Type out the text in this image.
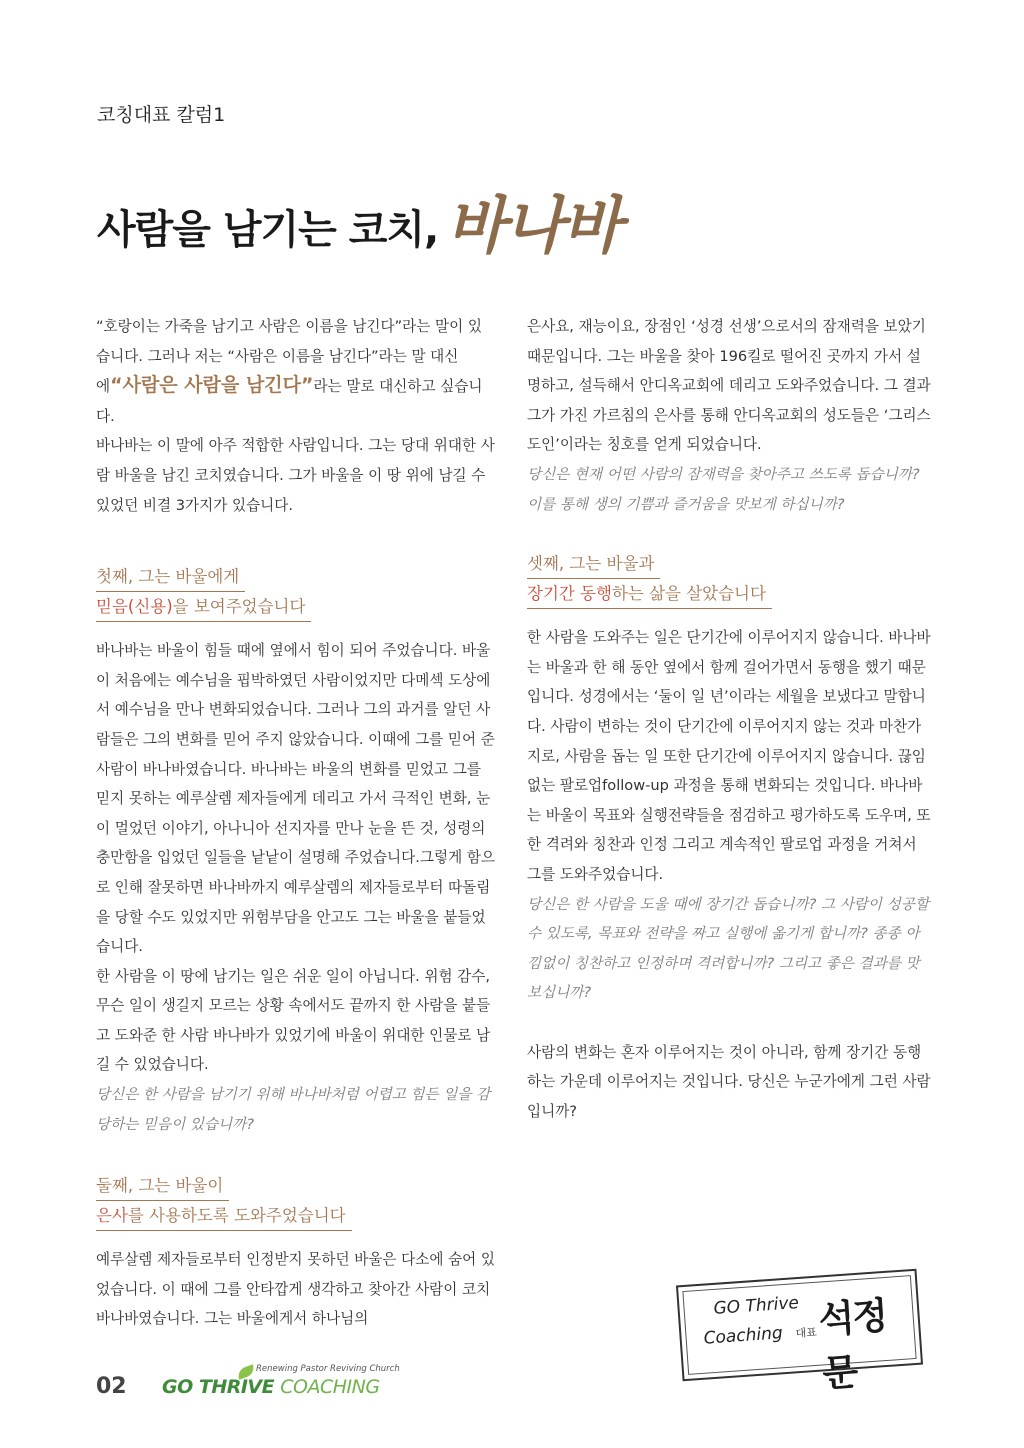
코칭대표 칼럼1
사람을 남기는 코치, 바나바

“호랑이는 가죽을 남기고 사람은 이름을 남긴다”라는 말이 있습니다. 그러나 저는 “사람은 이름을 남긴다”라는 말 대신에“사람은 사람을 남긴다”라는 말로 대신하고 싶습니다.

바나바는 이 말에 아주 적합한 사람입니다. 그는 당대 위대한 사람 바울을 남긴 코치였습니다. 그가 바울을 이 땅 위에 남길 수 있었던 비결 3가지가 있습니다.

첫째, 그는 바울에게
믿음(신용)을 보여주었습니다

바나바는 바울이 힘들 때에 옆에서 힘이 되어 주었습니다. 바울이 처음에는 예수님을 핍박하였던 사람이었지만 다메섹 도상에서 예수님을 만나 변화되었습니다. 그러나 그의 과거를 알던 사람들은 그의 변화를 믿어 주지 않았습니다. 이때에 그를 믿어 준 사람이 바나바였습니다. 바나바는 바울의 변화를 믿었고 그를 믿지 못하는 예루살렘 제자들에게 데리고 가서 극적인 변화, 눈이 멀었던 이야기, 아나니아 선지자를 만나 눈을 뜬 것, 성령의 충만함을 입었던 일들을 낱낱이 설명해 주었습니다.그렇게 함으로 인해 잘못하면 바나바까지 예루살렘의 제자들로부터 따돌림을 당할 수도 있었지만 위험부담을 안고도 그는 바울을 붙들었습니다.

한 사람을 이 땅에 남기는 일은 쉬운 일이 아닙니다. 위험 감수, 무슨 일이 생길지 모르는 상황 속에서도 끝까지 한 사람을 붙들고 도와준 한 사람 바나바가 있었기에 바울이 위대한 인물로 남길 수 있었습니다.

당신은 한 사람을 남기기 위해 바나바처럼 어렵고 힘든 일을 감당하는 믿음이 있습니까?

둘째, 그는 바울이
은사를 사용하도록 도와주었습니다

예루살렘 제자들로부터 인정받지 못하던 바울은 다소에 숨어 있었습니다. 이 때에 그를 안타깝게 생각하고 찾아간 사람이 코치 바나바였습니다. 그는 바울에게서 하나님의

은사요, 재능이요, 장점인 ‘성경 선생’으로서의 잠재력을 보았기 때문입니다. 그는 바울을 찾아 196킬로 떨어진 곳까지 가서 설명하고, 설득해서 안디옥교회에 데리고 도와주었습니다. 그 결과 그가 가진 가르침의 은사를 통해 안디옥교회의 성도들은 ‘그리스도인’이라는 칭호를 얻게 되었습니다.

당신은 현재 어떤 사람의 잠재력을 찾아주고 쓰도록 돕습니까? 이를 통해 생의 기쁨과 즐거움을 맛보게 하십니까?

셋째, 그는 바울과
장기간 동행하는 삶을 살았습니다

한 사람을 도와주는 일은 단기간에 이루어지지 않습니다. 바나바는 바울과 한 해 동안 옆에서 함께 걸어가면서 동행을 했기 때문입니다. 성경에서는 ‘둘이 일 년’이라는 세월을 보냈다고 말합니다. 사람이 변하는 것이 단기간에 이루어지지 않는 것과 마찬가지로, 사람을 돕는 일 또한 단기간에 이루어지지 않습니다. 끊임없는 팔로업follow-up 과정을 통해 변화되는 것입니다. 바나바는 바울이 목표와 실행전략들을 점검하고 평가하도록 도우며, 또한 격려와 칭찬과 인정 그리고 계속적인 팔로업 과정을 거쳐서 그를 도와주었습니다.

당신은 한 사람을 도울 때에 장기간 돕습니까? 그 사람이 성공할 수 있도록, 목표와 전략을 짜고 실행에 옮기게 합니까? 종종 아낌없이 칭찬하고 인정하며 격려합니까? 그리고 좋은 결과를 맛보십니까?

사람의 변화는 혼자 이루어지는 것이 아니라, 함께 장기간 동행하는 가운데 이루어지는 것입니다. 당신은 누군가에게 그런 사람입니까?

GO Thrive
Coaching 대표 석정문
02
Renewing Pastor Reviving Church
GO THRIVE COACHING
